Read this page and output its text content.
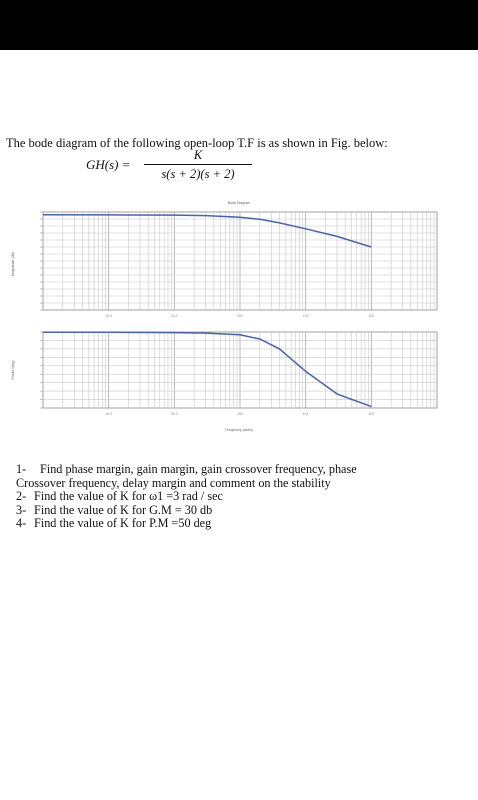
The bode diagram of the following open-loop T.F is as shown in Fig. below:
GH(s) =
K
s(s + 2)(s + 2)
Bode Diagram
10-2	10-1	100	101	102
10-2	10-1	100	101	102
Magnitude (dB)
Phase (deg)
Frequency (rad/s)
1- Find phase margin, gain margin, gain crossover frequency, phase
Crossover frequency, delay margin and comment on the stability
2- Find the value of K for ω1 =3 rad / sec
3- Find the value of K for G.M = 30 db
4- Find the value of K for P.M =50 deg
